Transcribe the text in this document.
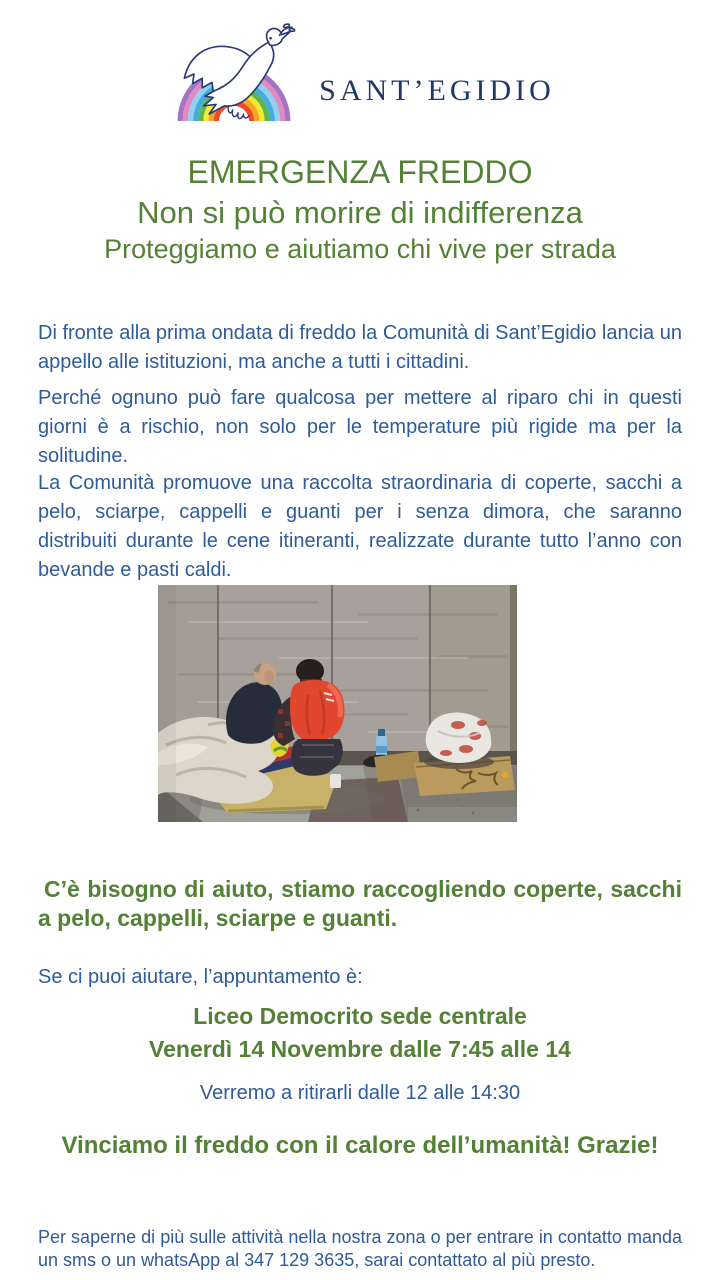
SANT’EGIDIO
EMERGENZA FREDDO
Non si può morire di indifferenza
Proteggiamo e aiutiamo chi vive per strada

Di fronte alla prima ondata di freddo la Comunità di Sant’Egidio lancia un appello alle istituzioni, ma anche a tutti i cittadini.

Perché ognuno può fare qualcosa per mettere al riparo chi in questi giorni è a rischio, non solo per le temperature più rigide ma per la solitudine.

La Comunità promuove una raccolta straordinaria di coperte, sacchi a pelo, sciarpe, cappelli e guanti per i senza dimora, che saranno distribuiti durante le cene itineranti, realizzate durante tutto l’anno con bevande e pasti caldi.

C’è bisogno di aiuto, stiamo raccogliendo coperte, sacchi a pelo, cappelli, sciarpe e guanti.

Se ci puoi aiutare, l’appuntamento è:

Liceo Democrito sede centrale
Venerdì 14 Novembre dalle 7:45 alle 14
Verremo a ritirarli dalle 12 alle 14:30
Vinciamo il freddo con il calore dell’umanità! Grazie!

Per saperne di più sulle attività nella nostra zona o per entrare in contatto manda un sms o un whatsApp al 347 129 3635, sarai contattato al più presto.
